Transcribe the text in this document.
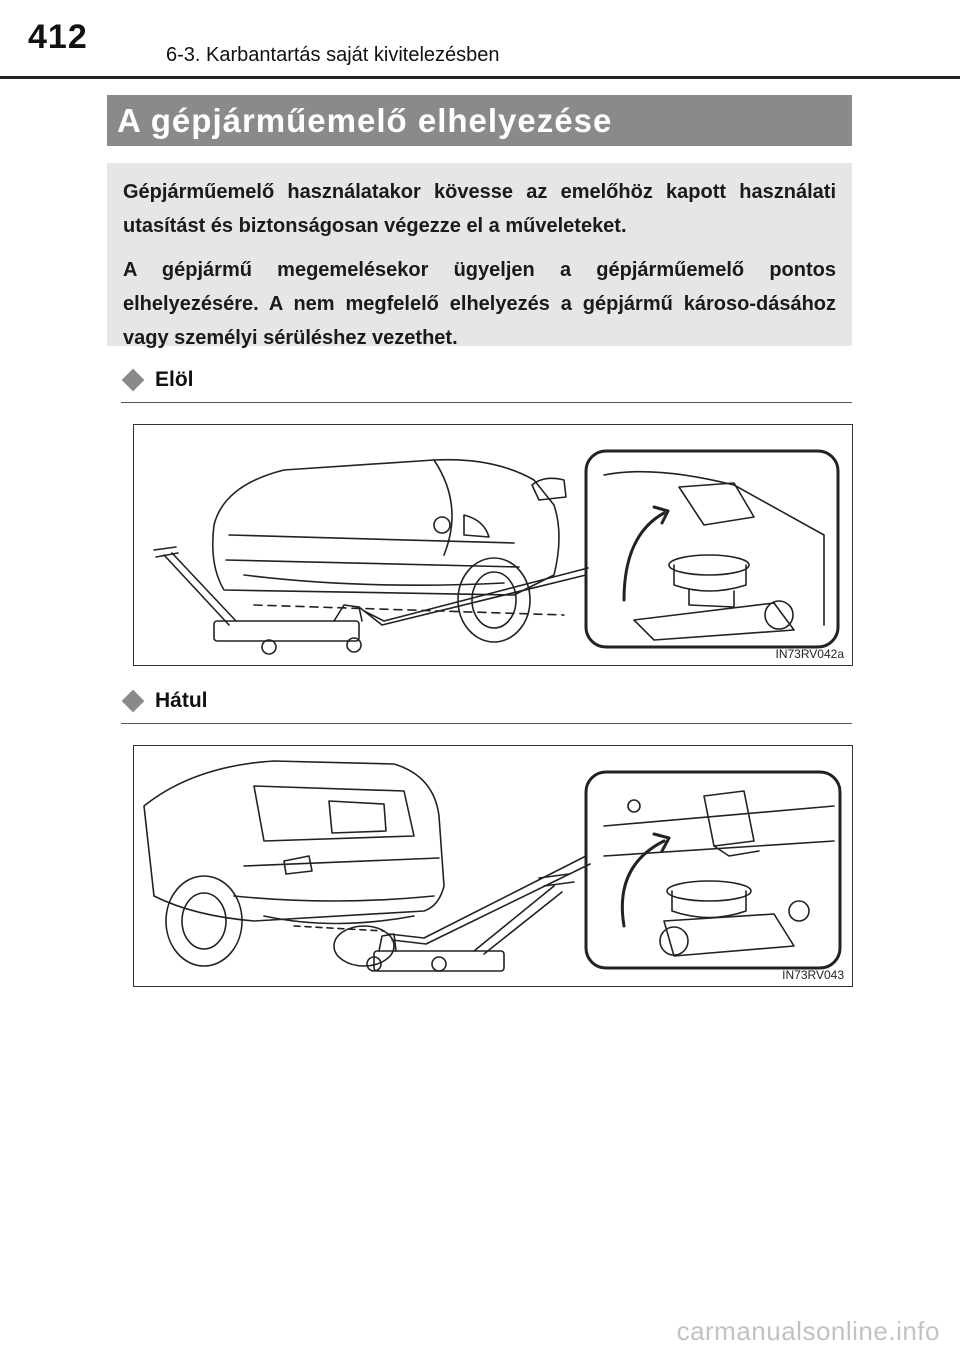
412	6-3. Karbantartás saját kivitelezésben
A gépjárműemelő elhelyezése

Gépjárműemelő használatakor kövesse az emelőhöz kapott használati utasítást és biztonságosan végezze el a műveleteket.

A gépjármű megemelésekor ügyeljen a gépjárműemelő pontos elhelyezésére. A nem megfelelő elhelyezés a gépjármű károso-dásához vagy személyi sérüléshez vezethet.

Elöl
IN73RV042a
Hátul
IN73RV043
carmanualsonline.info
